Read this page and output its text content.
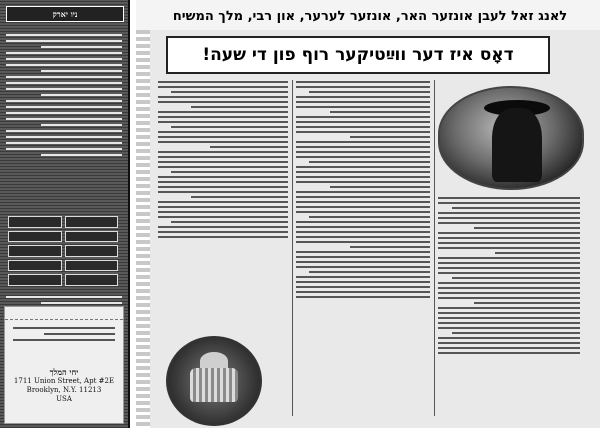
ניו יארק
יחי המלך
1711 Union Street, Apt #2E
Brooklyn, N.Y. 11213
USA
לאנג זאל לעבן אונזער האר, אונזער לערער, און רבי, מלך המשיח
דאָס איז דער ווײַטיקער רוף פון די שעה!
